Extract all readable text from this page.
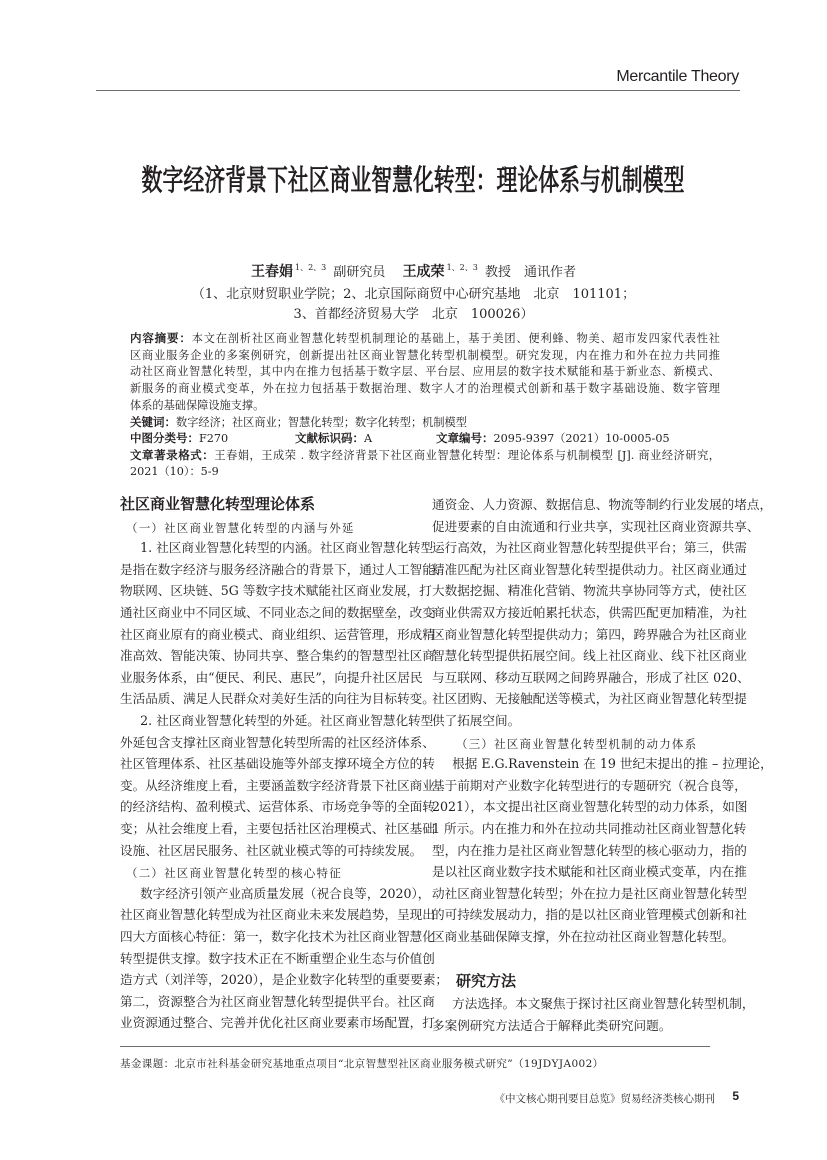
Mercantile Theory
数字经济背景下社区商业智慧化转型：理论体系与机制模型
王春娟 $^{1、2、3}$ 副研究员　 王成荣 $^{1、2、3}$ 教授　通讯作者
（1、北京财贸职业学院；2、北京国际商贸中心研究基地　北京　101101；
3、首都经济贸易大学　北京　100026）
内容摘要：本文在剖析社区商业智慧化转型机制理论的基础上，基于美团、便利蜂、物美、超市发四家代表性社
区商业服务企业的多案例研究，创新提出社区商业智慧化转型机制模型。研究发现，内在推力和外在拉力共同推
动社区商业智慧化转型，其中内在推力包括基于数字层、平台层、应用层的数字技术赋能和基于新业态、新模式、
新服务的商业模式变革，外在拉力包括基于数据治理、数字人才的治理模式创新和基于数字基础设施、数字管理
体系的基础保障设施支撑。
关键词：数字经济；社区商业；智慧化转型；数字化转型；机制模型
中图分类号：F270	文献标识码：A	文章编号：2095-9397（2021）10-0005-05
文章著录格式：王春娟，王成荣 . 数字经济背景下社区商业智慧化转型：理论体系与机制模型 [J]. 商业经济研究，
2021（10）：5-9
社区商业智慧化转型理论体系
（一）社区商业智慧化转型的内涵与外延
1. 社区商业智慧化转型的内涵。社区商业智慧化转型
是指在数字经济与服务经济融合的背景下，通过人工智能、
物联网、区块链、5G 等数字技术赋能社区商业发展，打
通社区商业中不同区域、不同业态之间的数据壁垒，改变
社区商业原有的商业模式、商业组织、运营管理，形成精
准高效、智能决策、协同共享、整合集约的智慧型社区商
业服务体系，由“便民、利民、惠民”，向提升社区居民
生活品质、满足人民群众对美好生活的向往为目标转变。
2. 社区商业智慧化转型的外延。社区商业智慧化转型
外延包含支撑社区商业智慧化转型所需的社区经济体系、
社区管理体系、社区基础设施等外部支撑环境全方位的转
变。从经济维度上看，主要涵盖数字经济背景下社区商业
的经济结构、盈利模式、运营体系、市场竞争等的全面转
变；从社会维度上看，主要包括社区治理模式、社区基础
设施、社区居民服务、社区就业模式等的可持续发展。
（二）社区商业智慧化转型的核心特征
数字经济引领产业高质量发展（祝合良等，2020），
社区商业智慧化转型成为社区商业未来发展趋势，呈现出
四大方面核心特征：第一，数字化技术为社区商业智慧化
转型提供支撑。数字技术正在不断重塑企业生态与价值创
造方式（刘洋等，2020），是企业数字化转型的重要要素；
第二，资源整合为社区商业智慧化转型提供平台。社区商
业资源通过整合、完善并优化社区商业要素市场配置，打
通资金、人力资源、数据信息、物流等制约行业发展的堵点，
促进要素的自由流通和行业共享，实现社区商业资源共享、
运行高效，为社区商业智慧化转型提供平台；第三，供需
精准匹配为社区商业智慧化转型提供动力。社区商业通过
大数据挖掘、精准化营销、物流共享协同等方式，使社区
商业供需双方接近帕累托状态，供需匹配更加精准，为社
区商业智慧化转型提供动力；第四，跨界融合为社区商业
智慧化转型提供拓展空间。线上社区商业、线下社区商业
与互联网、移动互联网之间跨界融合，形成了社区 020、
社区团购、无接触配送等模式，为社区商业智慧化转型提
供了拓展空间。
（三）社区商业智慧化转型机制的动力体系
根据 E.G.Ravenstein 在 19 世纪末提出的推 – 拉理论，
基于前期对产业数字化转型进行的专题研究（祝合良等，
2021），本文提出社区商业智慧化转型的动力体系，如图
1 所示。内在推力和外在拉动共同推动社区商业智慧化转
型，内在推力是社区商业智慧化转型的核心驱动力，指的
是以社区商业数字技术赋能和社区商业模式变革，内在推
动社区商业智慧化转型；外在拉力是社区商业智慧化转型
的可持续发展动力，指的是以社区商业管理模式创新和社
区商业基础保障支撑，外在拉动社区商业智慧化转型。
研究方法
方法选择。本文聚焦于探讨社区商业智慧化转型机制，
多案例研究方法适合于解释此类研究问题。
基金课题：北京市社科基金研究基地重点项目“北京智慧型社区商业服务模式研究”（19JDYJA002）
《中文核心期刊要目总览》贸易经济类核心期刊 5
